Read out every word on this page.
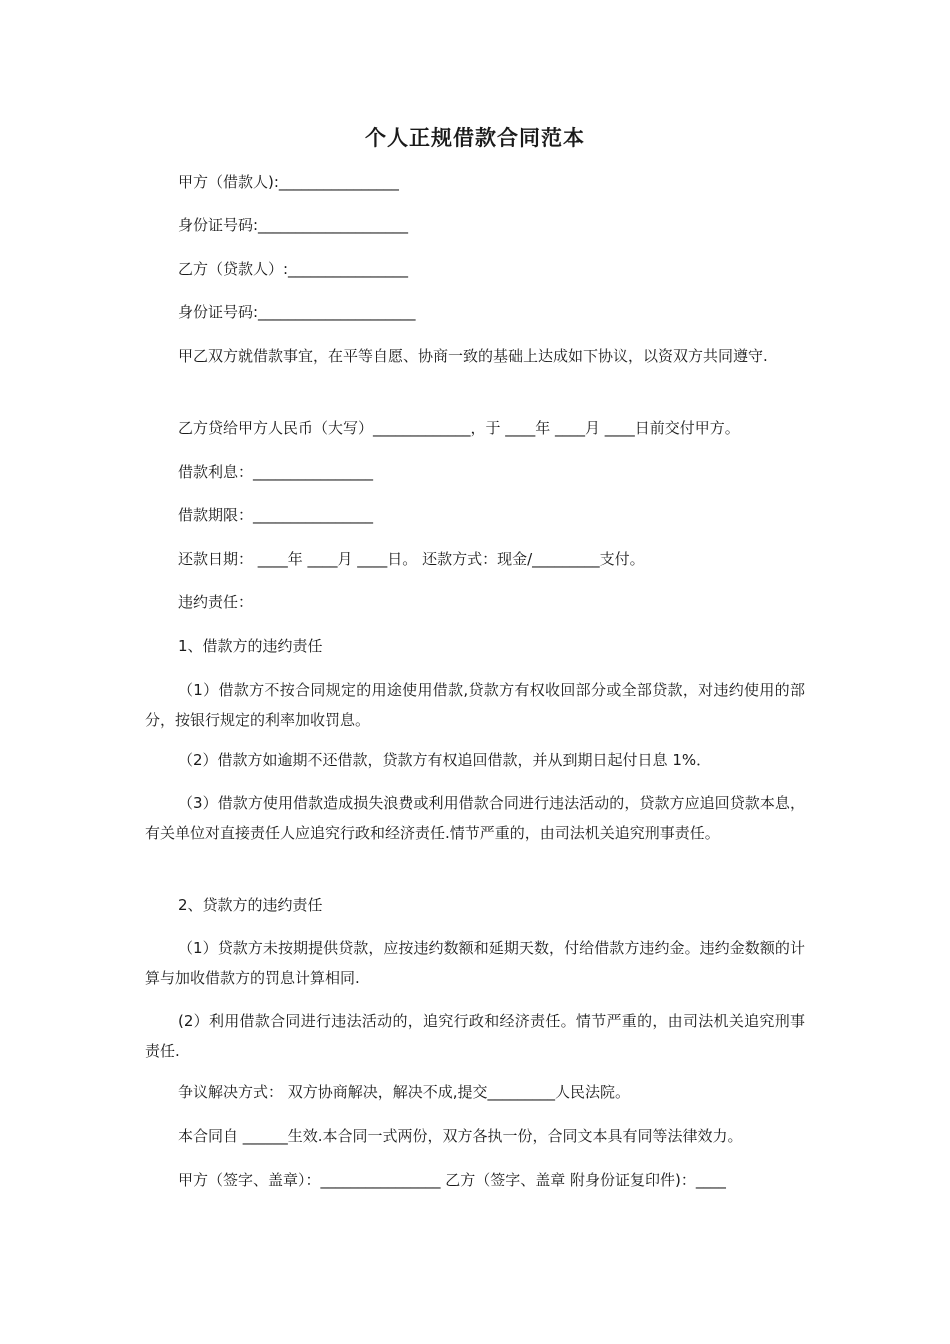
个人正规借款合同范本
甲方（借款人):________________
身份证号码:____________________
乙方（贷款人）:________________
身份证号码:_____________________
甲乙双方就借款事宜，在平等自愿、协商一致的基础上达成如下协议，以资双方共同遵守.
乙方贷给甲方人民币（大写）_____________，于 ____年 ____月 ____日前交付甲方。
借款利息：________________
借款期限：________________
还款日期： ____年 ____月 ____日。 还款方式：现金/_________支付。
违约责任：
1、借款方的违约责任
（1）借款方不按合同规定的用途使用借款,贷款方有权收回部分或全部贷款，对违约使用的部分，按银行规定的利率加收罚息。
（2）借款方如逾期不还借款，贷款方有权追回借款，并从到期日起付日息 1%．
（3）借款方使用借款造成损失浪费或利用借款合同进行违法活动的，贷款方应追回贷款本息，有关单位对直接责任人应追究行政和经济责任.情节严重的，由司法机关追究刑事责任。
2、贷款方的违约责任
（1）贷款方未按期提供贷款，应按违约数额和延期天数，付给借款方违约金。违约金数额的计算与加收借款方的罚息计算相同.
(2）利用借款合同进行违法活动的，追究行政和经济责任。情节严重的，由司法机关追究刑事责任.
争议解决方式： 双方协商解决，解决不成,提交_________人民法院。
本合同自 ______生效.本合同一式两份，双方各执一份，合同文本具有同等法律效力。
甲方（签字、盖章）：________________ 乙方（签字、盖章 附身份证复印件)：____
